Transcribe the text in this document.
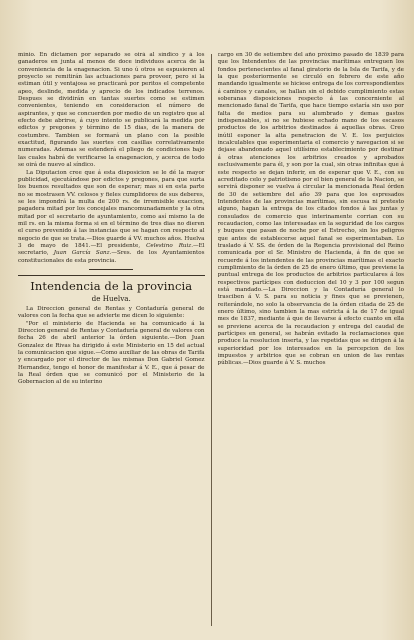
minio. En dictamen por separado se oirá al síndico y á los ganaderos en junta al menos de doce individuos acerca de la conveniencia de la enagenacion. Si uno ú otros se espusieren al proyecto se remitirán las actuaciones para proveer, pero si la estiman útil y ventajosa se practicará por peritos el competente apeo, deslinde, medida y aprecio de los indicados terrenos. Despues se dividirán en tantas suertes como se estimen convenientes, teniendo en consideracion el número de aspirantes, y que se concuerden por medio de un registro que al efecto debe abrirse, á cuyo intento se publicará la medida por edictos y pregones y término de 15 dias, de la manera de costumbre. Tambien se formará un plano con la posible exactitud, figurando las suertes con casillas correlativamente numeradas. Ademas se estenderá el pliego de condiciones bajo las cuales habrá de verificarse la enagenacion, y acerca de todo se oirá de nuevo al síndico.

La Diputacion cree que á esta disposicion se le dé la mayor publicidad, ejecutándose por edictos y pregones, para que surta los buenos resultados que son de esperar; mas si en esta parte no se mostrasen VV. celosos y fieles cumplidores de sus deberes, se les impondrá la multa de 200 rs. de irremisible exaccion, pagadera mitad por los concejales mancomunadamente y la otra mitad por el secretario de ayuntamiento, como así mismo la de mil rs. en la misma forma si en el término de tres dias no dieren el curso prevenido á las instancias que se hagan con respecto al negocio de que se trata.—Dios guarde á VV. muchos años. Huelva 3 de mayo de 1841.—El presidente, Celestino Ruiz.—El secretario, Juan García Sanz.—Sres. de los Ayuntamientos constitucionales de esta provincia.

Intendencia de la provincia
de Huelva.

La Direccion general de Rentas y Contaduría general de valores con la fecha que se advierte me dicen lo siguiente:

"Por el ministerio de Hacienda se ha comunicado á la Direccion general de Rentas y Contaduría general de valores con fecha 26 de abril anterior la órden siguiente.—Don Juan Gonzalez de Rivas ha dirigido á este Ministerio en 15 del actual la comunicacion que sigue.—Como auxiliar de las obras de Tarifa y encargado por el director de las mismas Don Gabriel Gomez Hernandez, tengo el honor de manifestar á V. E., que á pesar de la Real órden que se comunicó por el Ministerio de la Gobernacion al de su interino

cargo en 30 de setiembre del año próximo pasado de 1839 para que los Intendentes de las provincias marítimas entreguen los fondos pertenecientes al fanal giratorio de la Isla de Tarifa, y de la que posteriormente se circuló en febrero de este año mandando igualmente se hiciese entrega de los correspondientes á caminos y canales, se hallan sin el debido cumplimiento estas soberanas disposiciones respecto á las concerniente al mencionado fanal de Tarifa, que hace tiempo estaría sin uso por falta de medios para su alumbrado y demas gastos indispensables, si no se hubiese echado mano de los escasos productos de los arbitrios destinados á aquellas obras. Creo inútil esponer la alta penetracion de V. E. los perjuicios incalculables que esperimentaria el comercio y navegacion si se dejase abandonado aquel utilísimo establecimiento por destinar á otras atenciones los arbitrios creados y aprobados esclusivamente para él, y son por la cual, sin otras infinitas que á este respecto se dejan inferir, en de esperar que V. E., con su acreditado celo y patriotismo por el bien general de la Nacion, se servirá disponer se vuelva á circular la mencionada Real órden de 30 de setiembre del año 39 para que los espresados Intendentes de las provincias marítimas, sin escusa ni pretesto alguno, hagan la entrega de los citados fondos á las juntas y consulados de comercio que interinamente corrian con su recaudacion, como las interesadas en la seguridad de los cargos y buques que pasan de noche por el Estrecho, sin los peligros que antes de establecerse aquel fanal se esperimentaban. Lo traslado á V. SS. de órden de la Regencia provisional del Reino comunicada por el Sr. Ministro de Hacienda, á fin de que se recuerde á los intendentes de las provincias marítimas el exacto cumplimiento de la órden de 25 de enero último, que previene la puntual entrega de los productos de arbitrios particulares á los respectivos partícipes con deduccion del 10 y 3 por 100 segun está mandado.—La Direccion y la Contaduría general lo trasciben á V. S. para su noticia y fines que se previenen, reiterándole, no solo la observancia de la órden citada de 25 de enero último, sino tambien la mas estricta á la de 17 de igual mes de 1837, mediante á que de llevarse á efecto cuanto en ella se previene acerca de la recaudacion y entrega del caudal de partícipes en general, se habrán evitado la reclamaciones que produce la resolucion inserta, y las repetidas que se dirigen á la superioridad por los interesados en la percepcion de los impuestos y arbitrios que se cobran en union de las rentas públicas.—Dios guarde á V. S. muchos
